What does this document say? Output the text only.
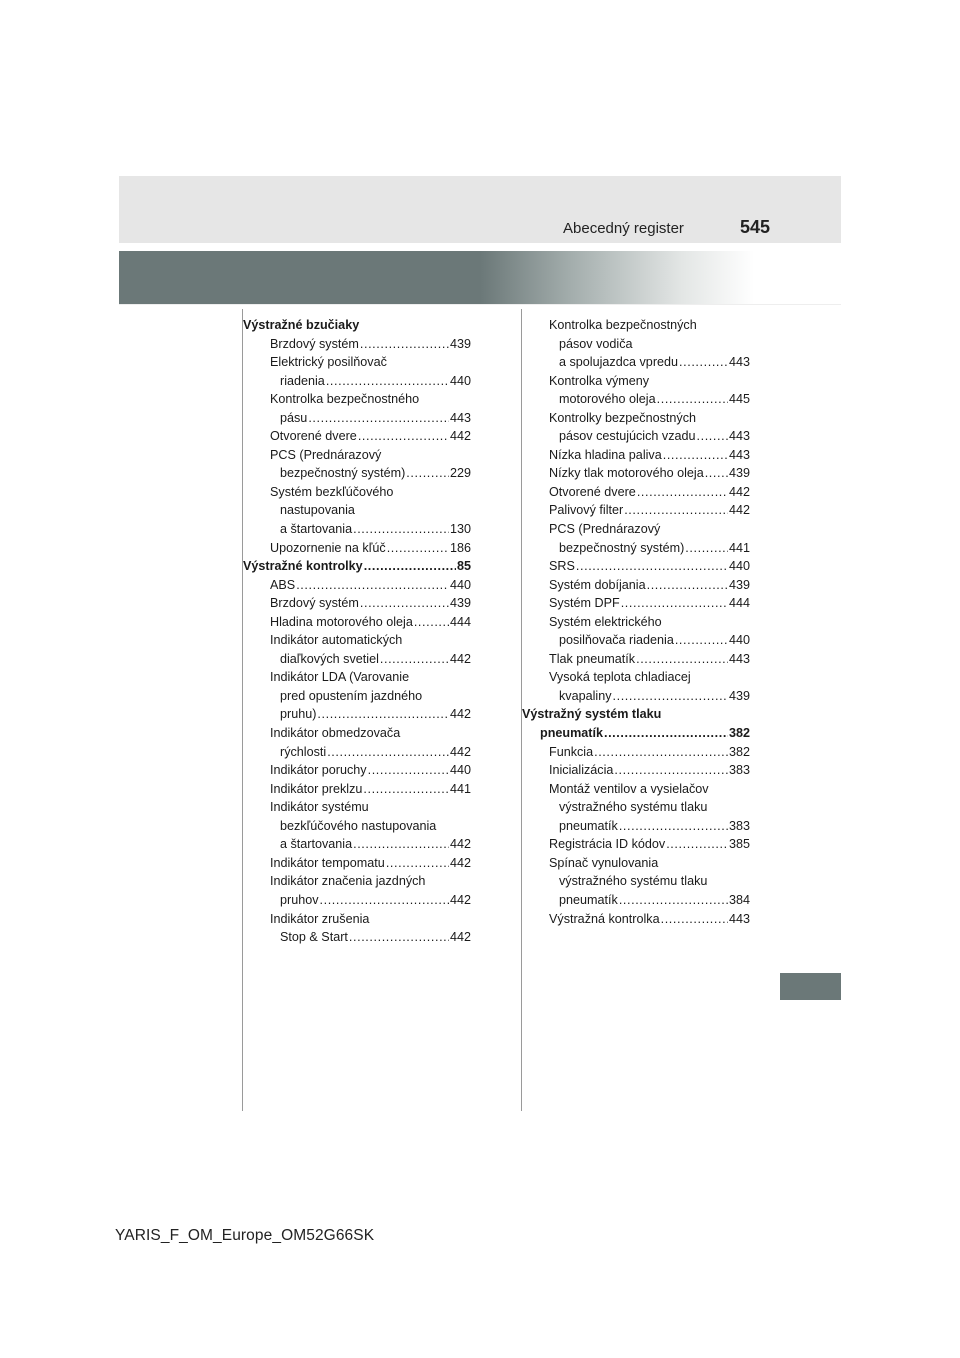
Abecedný register	545
Výstražné bzučiaky
Brzdový systém .....	439
Elektrický posilňovač
riadenia .....	440
Kontrolka bezpečnostného
pásu .....	443
Otvorené dvere .....	442
PCS (Prednárazový
bezpečnostný systém) .....	229
Systém bezkľúčového
nastupovania
a štartovania .....	130
Upozornenie na kľúč .....	186
Výstražné kontrolky .....	85
ABS .....	440
Brzdový systém .....	439
Hladina motorového oleja .....	444
Indikátor automatických
diaľkových svetiel .....	442
Indikátor LDA (Varovanie
pred opustením jazdného
pruhu) .....	442
Indikátor obmedzovača
rýchlosti .....	442
Indikátor poruchy .....	440
Indikátor preklzu .....	441
Indikátor systému
bezkľúčového nastupovania
a štartovania .....	442
Indikátor tempomatu .....	442
Indikátor značenia jazdných
pruhov .....	442
Indikátor zrušenia
Stop & Start .....	442
Kontrolka bezpečnostných
pásov vodiča
a spolujazdca vpredu .....	443
Kontrolka výmeny
motorového oleja .....	445
Kontrolky bezpečnostných
pásov cestujúcich vzadu .....	443
Nízka hladina paliva .....	443
Nízky tlak motorového oleja ..... 439
Otvorené dvere .....	442
Palivový filter .....	442
PCS (Prednárazový
bezpečnostný systém) .....	441
SRS .....	440
Systém dobíjania .....	439
Systém DPF .....	444
Systém elektrického
posilňovača riadenia .....	440
Tlak pneumatík .....	443
Vysoká teplota chladiacej
kvapaliny .....	439
Výstražný systém tlaku
pneumatík .....	382
Funkcia .....	382
Inicializácia .....	383
Montáž ventilov a vysielačov
výstražného systému tlaku
pneumatík .....	383
Registrácia ID kódov .....	385
Spínač vynulovania
výstražného systému tlaku
pneumatík .....	384
Výstražná kontrolka .....	443
YARIS_F_OM_Europe_OM52G66SK
